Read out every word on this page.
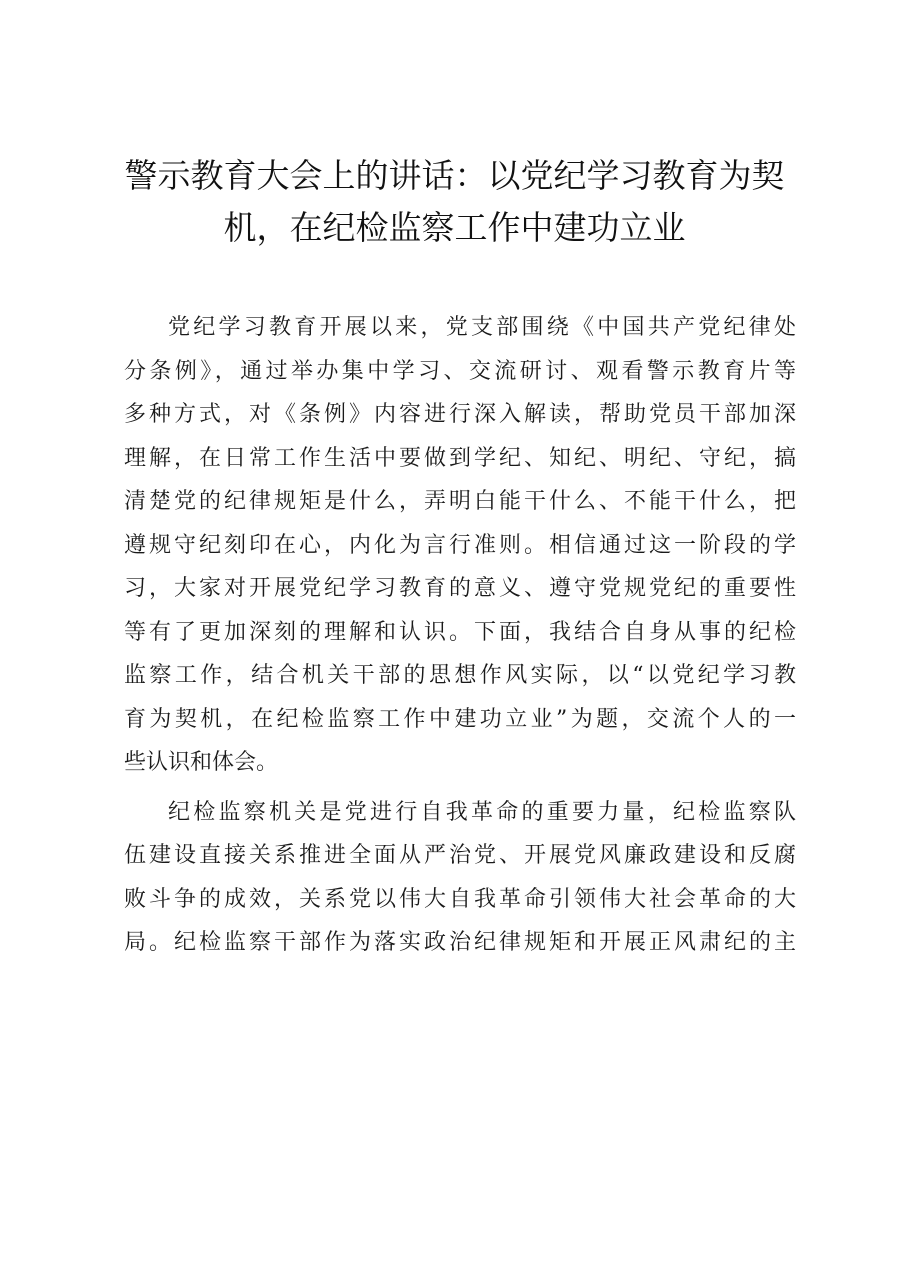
警示教育大会上的讲话：以党纪学习教育为契
机，在纪检监察工作中建功立业
党纪学习教育开展以来，党支部围绕《中国共产党纪律处
分条例》，通过举办集中学习、交流研讨、观看警示教育片等
多种方式，对《条例》内容进行深入解读，帮助党员干部加深
理解，在日常工作生活中要做到学纪、知纪、明纪、守纪，搞
清楚党的纪律规矩是什么，弄明白能干什么、不能干什么，把
遵规守纪刻印在心，内化为言行准则。相信通过这一阶段的学
习，大家对开展党纪学习教育的意义、遵守党规党纪的重要性
等有了更加深刻的理解和认识。下面，我结合自身从事的纪检
监察工作，结合机关干部的思想作风实际，以“以党纪学习教
育为契机，在纪检监察工作中建功立业”为题，交流个人的一
些认识和体会。
纪检监察机关是党进行自我革命的重要力量，纪检监察队
伍建设直接关系推进全面从严治党、开展党风廉政建设和反腐
败斗争的成效，关系党以伟大自我革命引领伟大社会革命的大
局。纪检监察干部作为落实政治纪律规矩和开展正风肃纪的主
